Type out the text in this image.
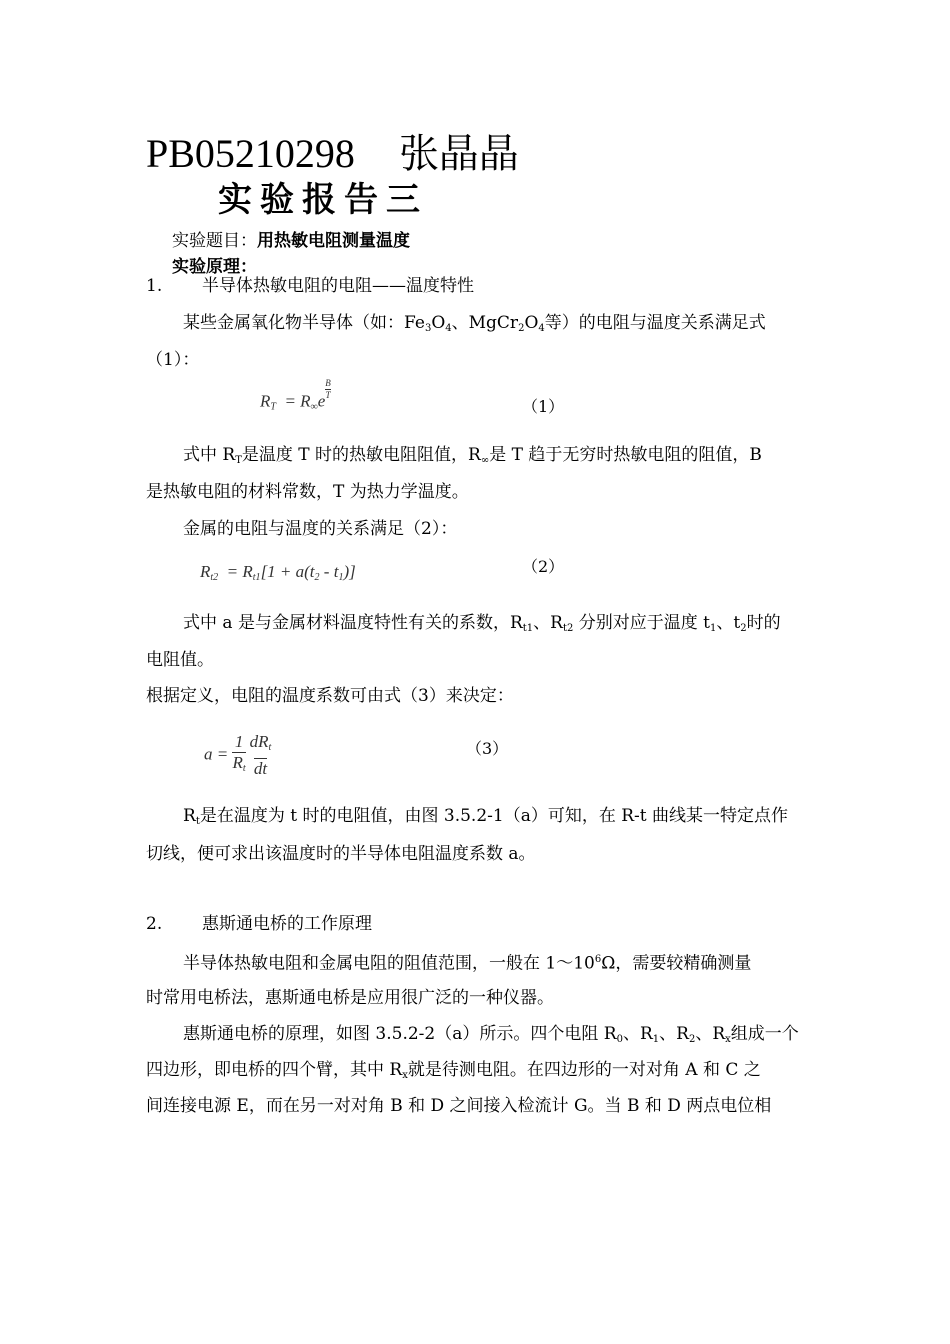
PB05210298 张晶晶
实验报告三
实验题目：用热敏电阻测量温度
实验原理：
1. 半导体热敏电阻的电阻——温度特性
某些金属氧化物半导体（如：$Fe_3O_4$、$MgCr_2O_4$等）的电阻与温度关系满足式
（1）：
$R_T = R_\infty e$ $^{\frac{B}{T}}$
（1）
式中 $R_T$是温度 T 时的热敏电阻阻值，$R_\infty$是 T 趋于无穷时热敏电阻的阻值，B
是热敏电阻的材料常数，T 为热力学温度。
金属的电阻与温度的关系满足（2）：
$R_{t2} = R_{t1}[1 + a(t_2 - t_1)]$	（2）
式中 a 是与金属材料温度特性有关的系数，$R_{t1}$、$R_{t2}$ 分别对应于温度 $t_1$、$t_2$时的
电阻值。
根据定义，电阻的温度系数可由式（3）来决定：
$a = \frac{1}{R_t} \frac{dR_t}{dt}$	（3）
$R_t$是在温度为 t 时的电阻值，由图 3.5.2-1（a）可知，在 R-t 曲线某一特定点作
切线，便可求出该温度时的半导体电阻温度系数 a。
2. 惠斯通电桥的工作原理
半导体热敏电阻和金属电阻的阻值范围，一般在 $1\sim 10^6\Omega$，需要较精确测量
时常用电桥法，惠斯通电桥是应用很广泛的一种仪器。
惠斯通电桥的原理，如图 3.5.2-2（a）所示。四个电阻 $R_0$、$R_1$、$R_2$、$R_x$组成一个
四边形，即电桥的四个臂，其中 $R_x$就是待测电阻。在四边形的一对对角 A 和 C 之
间连接电源 E，而在另一对对角 B 和 D 之间接入检流计 G。当 B 和 D 两点电位相
